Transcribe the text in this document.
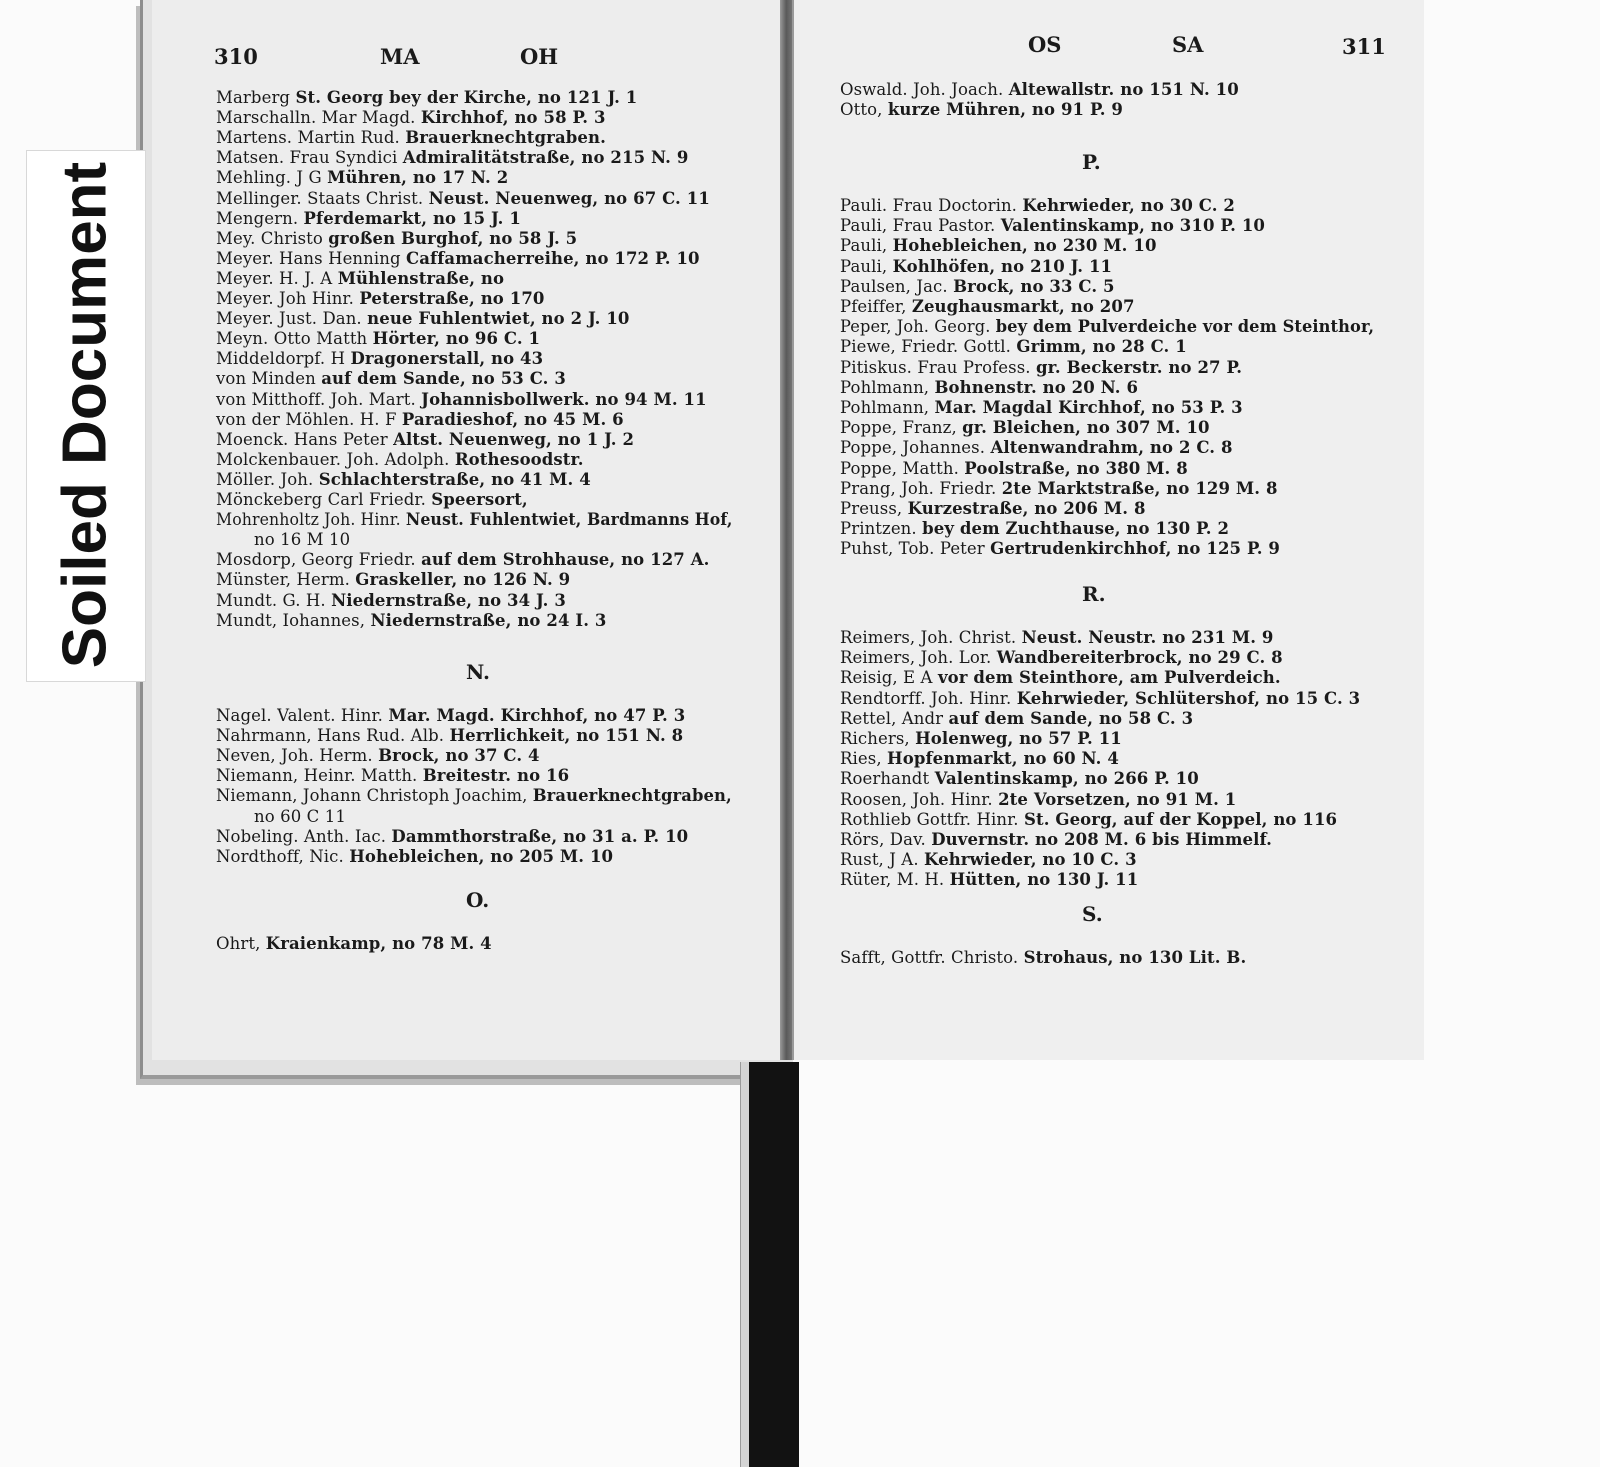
310	MA	OH
Marberg St. Georg bey der Kirche, no 121 J. 1
Marschalln. Mar Magd. Kirchhof, no 58 P. 3
Martens. Martin Rud. Brauerknechtgraben.
Matsen. Frau Syndici Admiralitätstraße, no 215 N. 9
Mehling. J G Mühren, no 17 N. 2
Mellinger. Staats Christ. Neust. Neuenweg, no 67 C. 11
Mengern. Pferdemarkt, no 15 J. 1
Mey. Christo großen Burghof, no 58 J. 5
Meyer. Hans Henning Caffamacherreihe, no 172 P. 10
Meyer. H. J. A Mühlenstraße, no
Meyer. Joh Hinr. Peterstraße, no 170
Meyer. Just. Dan. neue Fuhlentwiet, no 2 J. 10
Meyn. Otto Matth Hörter, no 96 C. 1
Middeldorpf. H Dragonerstall, no 43
von Minden auf dem Sande, no 53 C. 3
von Mitthoff. Joh. Mart. Johannisbollwerk. no 94 M. 11
von der Möhlen. H. F Paradieshof, no 45 M. 6
Moenck. Hans Peter Altst. Neuenweg, no 1 J. 2
Molckenbauer. Joh. Adolph. Rothesoodstr.
Möller. Joh. Schlachterstraße, no 41 M. 4
Mönckeberg Carl Friedr. Speersort,
Mohrenholtz Joh. Hinr. Neust. Fuhlentwiet, Bardmanns Hof,
no 16 M 10
Mosdorp, Georg Friedr. auf dem Strohhause, no 127 A.
Münster, Herm. Graskeller, no 126 N. 9
Mundt. G. H. Niedernstraße, no 34 J. 3
Mundt, Iohannes, Niedernstraße, no 24 I. 3
N.
Nagel. Valent. Hinr. Mar. Magd. Kirchhof, no 47 P. 3
Nahrmann, Hans Rud. Alb. Herrlichkeit, no 151 N. 8
Neven, Joh. Herm. Brock, no 37 C. 4
Niemann, Heinr. Matth. Breitestr. no 16
Niemann, Johann Christoph Joachim, Brauerknechtgraben,
no 60 C 11
Nobeling. Anth. Iac. Dammthorstraße, no 31 a. P. 10
Nordthoff, Nic. Hohebleichen, no 205 M. 10
O.
Ohrt, Kraienkamp, no 78 M. 4
OS	SA	311
Oswald. Joh. Joach. Altewallstr. no 151 N. 10
Otto, kurze Mühren, no 91 P. 9
P.
Pauli. Frau Doctorin. Kehrwieder, no 30 C. 2
Pauli, Frau Pastor. Valentinskamp, no 310 P. 10
Pauli, Hohebleichen, no 230 M. 10
Pauli, Kohlhöfen, no 210 J. 11
Paulsen, Jac. Brock, no 33 C. 5
Pfeiffer, Zeughausmarkt, no 207
Peper, Joh. Georg. bey dem Pulverdeiche vor dem Steinthor,
Piewe, Friedr. Gottl. Grimm, no 28 C. 1
Pitiskus. Frau Profess. gr. Beckerstr. no 27 P.
Pohlmann, Bohnenstr. no 20 N. 6
Pohlmann, Mar. Magdal Kirchhof, no 53 P. 3
Poppe, Franz, gr. Bleichen, no 307 M. 10
Poppe, Johannes. Altenwandrahm, no 2 C. 8
Poppe, Matth. Poolstraße, no 380 M. 8
Prang, Joh. Friedr. 2te Marktstraße, no 129 M. 8
Preuss, Kurzestraße, no 206 M. 8
Printzen. bey dem Zuchthause, no 130 P. 2
Puhst, Tob. Peter Gertrudenkirchhof, no 125 P. 9
R.
Reimers, Joh. Christ. Neust. Neustr. no 231 M. 9
Reimers, Joh. Lor. Wandbereiterbrock, no 29 C. 8
Reisig, E A vor dem Steinthore, am Pulverdeich.
Rendtorff. Joh. Hinr. Kehrwieder, Schlütershof, no 15 C. 3
Rettel, Andr auf dem Sande, no 58 C. 3
Richers, Holenweg, no 57 P. 11
Ries, Hopfenmarkt, no 60 N. 4
Roerhandt Valentinskamp, no 266 P. 10
Roosen, Joh. Hinr. 2te Vorsetzen, no 91 M. 1
Rothlieb Gottfr. Hinr. St. Georg, auf der Koppel, no 116
Rörs, Dav. Duvernstr. no 208 M. 6 bis Himmelf.
Rust, J A. Kehrwieder, no 10 C. 3
Rüter, M. H. Hütten, no 130 J. 11
S.
Safft, Gottfr. Christo. Strohaus, no 130 Lit. B.
Soiled Document
